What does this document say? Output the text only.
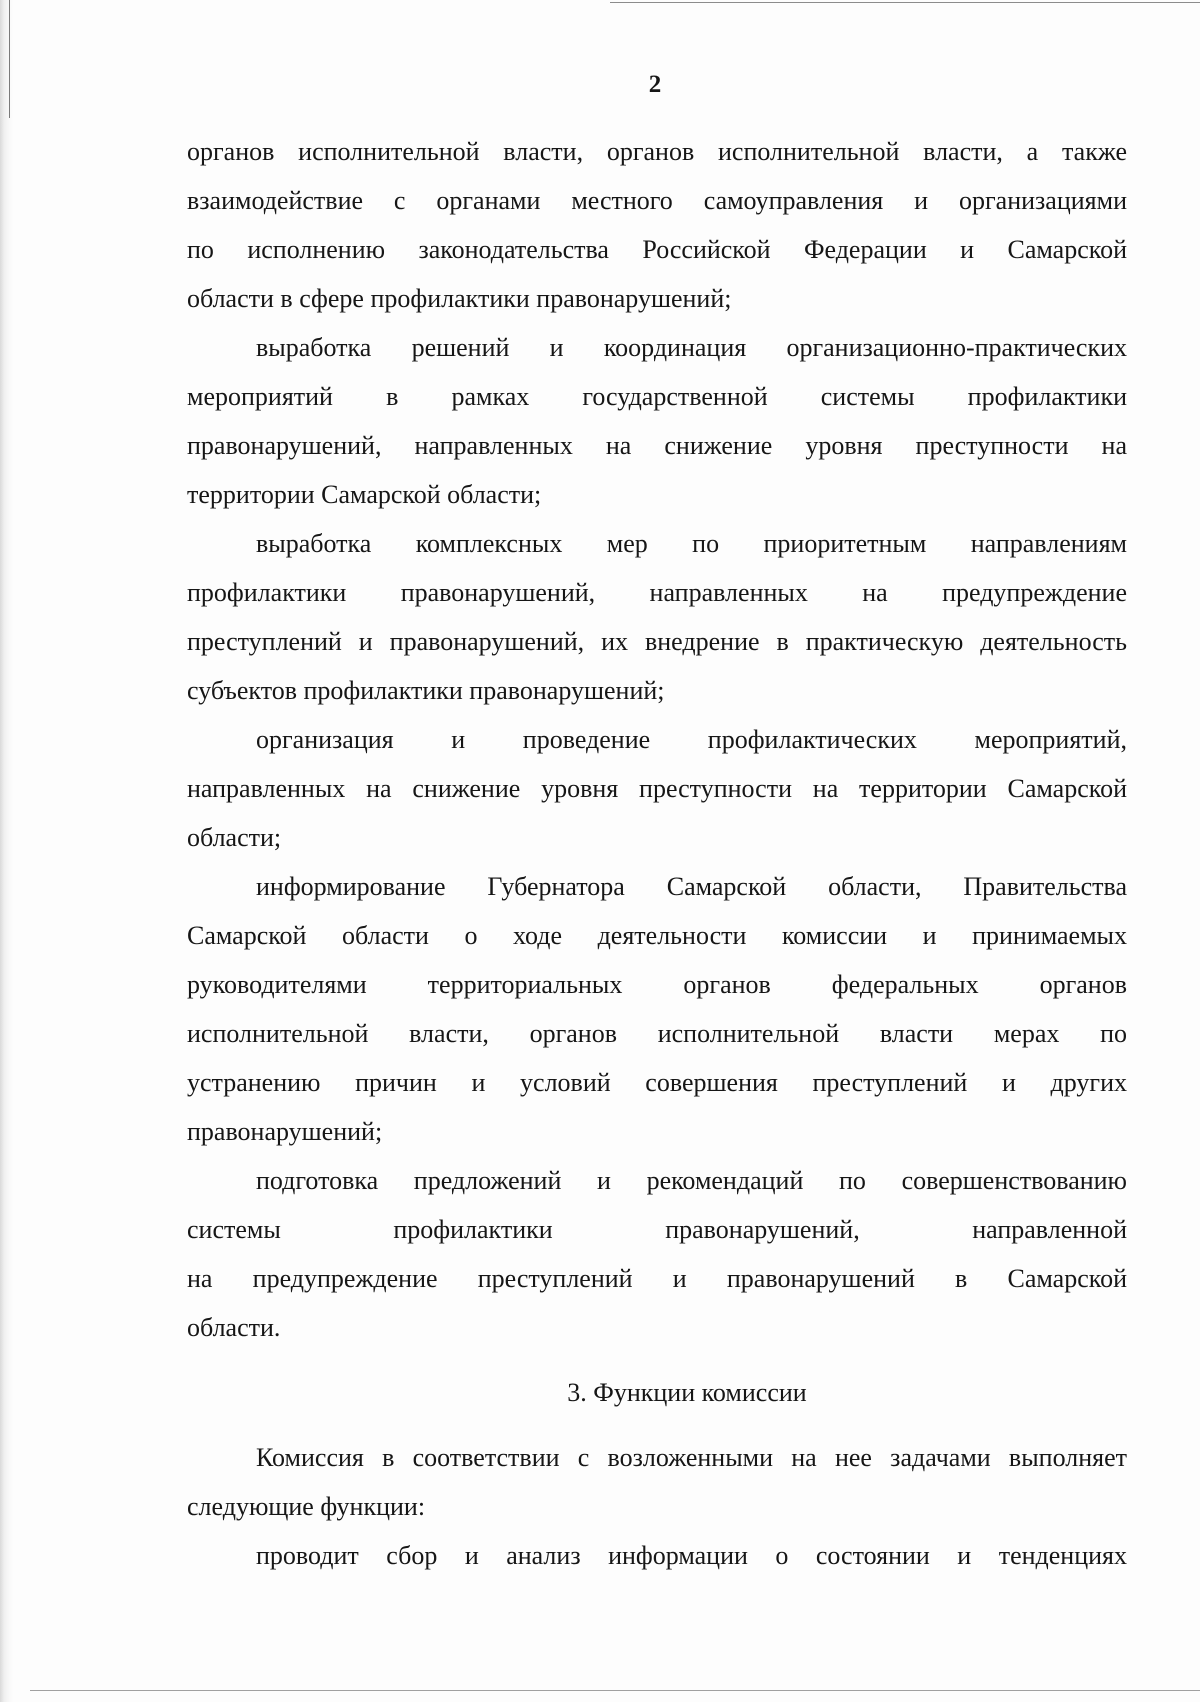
2
органов исполнительной власти, органов исполнительной власти, а также
взаимодействие с органами местного самоуправления и организациями
по исполнению законодательства Российской Федерации и Самарской
области в сфере профилактики правонарушений;
выработка решений и координация организационно-практических
мероприятий в рамках государственной системы профилактики
правонарушений, направленных на снижение уровня преступности на
территории Самарской области;
выработка комплексных мер по приоритетным направлениям
профилактики правонарушений, направленных на предупреждение
преступлений и правонарушений, их внедрение в практическую деятельность
субъектов профилактики правонарушений;
организация и проведение профилактических мероприятий,
направленных на снижение уровня преступности на территории Самарской
области;
информирование Губернатора Самарской области, Правительства
Самарской области о ходе деятельности комиссии и принимаемых
руководителями территориальных органов федеральных органов
исполнительной власти, органов исполнительной власти мерах по
устранению причин и условий совершения преступлений и других
правонарушений;
подготовка предложений и рекомендаций по совершенствованию
системы профилактики правонарушений, направленной
на предупреждение преступлений и правонарушений в Самарской
области.
3. Функции комиссии
Комиссия в соответствии с возложенными на нее задачами выполняет
следующие функции:
проводит сбор и анализ информации о состоянии и тенденциях
